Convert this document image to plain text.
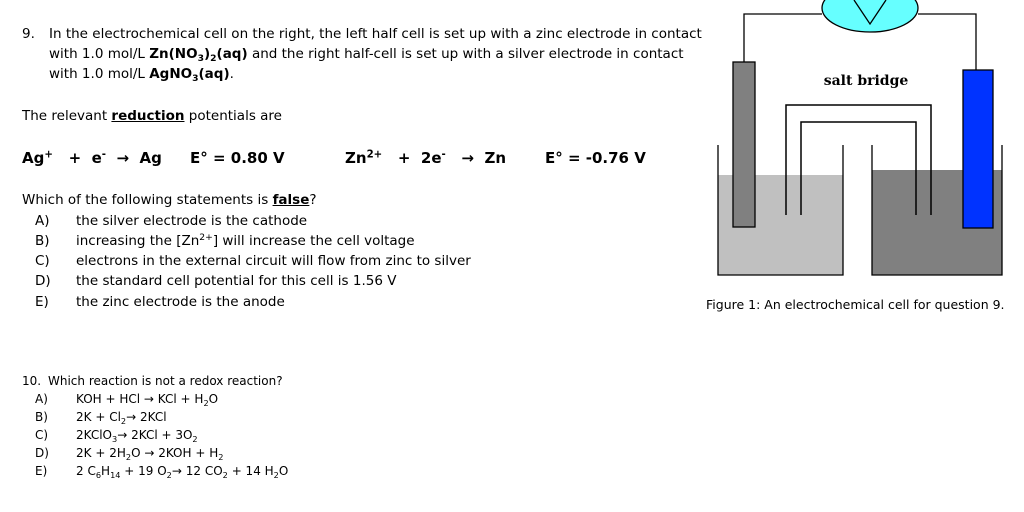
9. In the electrochemical cell on the right, the left half cell is set up with a zinc electrode in contact
with 1.0 mol/L $Zn(NO_3)_2(aq)$ and the right half-cell is set up with a silver electrode in contact
with 1.0 mol/L AgNO$_3$(aq).
The relevant reduction potentials are
Ag+ + e- → Ag E° = 0.80 V	$Zn^{2+} + 2e^- \to Zn$	E° = -0.76 V
Which of the following statements is false?
A) the silver electrode is the cathode
B) increasing the $[Zn^{2+}]$ will increase the cell voltage
C) electrons in the external circuit will flow from zinc to silver
D) the standard cell potential for this cell is 1.56 V
E) the zinc electrode is the anode
salt bridge
Figure 1: An electrochemical cell for question 9.
10. Which reaction is not a redox reaction?
A) KOH + HCl → KCl + $H_2O$
B) $2K + Cl_2\to 2KCl$
C) 2KClO$_3$→ $2KCl + 3O_2$
D) $2K + 2H_2O \to 2KOH + H_2$
E) 2 $C_6H_{14} + 19$ $O_2\to 12$ $CO_2 + 14$ $H_2O$
